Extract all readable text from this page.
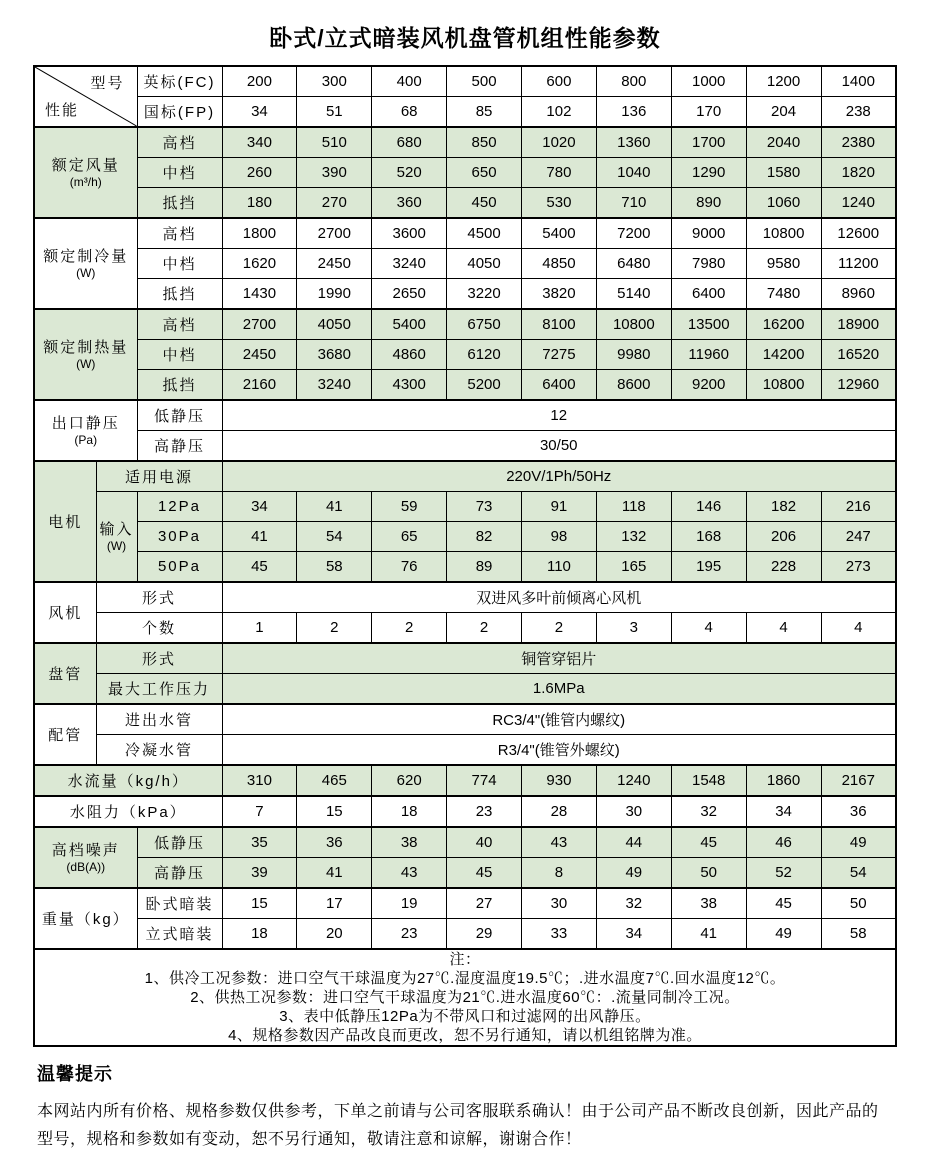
卧式/立式暗装风机盘管机组性能参数
型号
性能		英标(FC)	200	300	400	500	600	800	1000	1200	1400
		国标(FP)	34	51	68	85	102	136	170	204	238

额定风量
(m³/h)		高档	340	510	680	850	1020	1360	1700	2040	2380
		中档	260	390	520	650	780	1040	1290	1580	1820
		抵挡	180	270	360	450	530	710	890	1060	1240

额定制冷量
(W)		高档	1800	2700	3600	4500	5400	7200	9000	10800	12600
		中档	1620	2450	3240	4050	4850	6480	7980	9580	11200
		抵挡	1430	1990	2650	3220	3820	5140	6400	7480	8960

额定制热量
(W)		高档	2700	4050	5400	6750	8100	10800	13500	16200	18900
		中档	2450	3680	4860	6120	7275	9980	11960	14200	16520
		抵挡	2160	3240	4300	5200	6400	8600	9200	10800	12960

出口静压
(Pa)		低静压	12								
		高静压	30/50								
电机	适用电源		220V/1Ph/50Hz								

	输入
(W)	12Pa	34	41	59	73	91	118	146	182	216
		30Pa	41	54	65	82	98	132	168	206	247
		50Pa	45	58	76	89	110	165	195	228	273
风机	形式		双进风多叶前倾离心风机								
	个数		1	2	2	2	2	3	4	4	4
盘管	形式		铜管穿铝片								
	最大工作压力		1.6MPa								
配管	进出水管		RC3/4"(锥管内螺纹)								
	冷凝水管		R3/4"(锥管外螺纹)								
水流量（kg/h）			310	465	620	774	930	1240	1548	1860	2167
水阻力（kPa）			7	15	18	23	28	30	32	34	36

高档噪声
(dB(A))		低静压	35	36	38	40	43	44	45	46	49
		高静压	39	41	43	45	8	49	50	52	54
重量（kg）		卧式暗装	15	17	19	27	30	32	38	45	50
		立式暗装	18	20	23	29	33	34	41	49	58

注：
1、供冷工况参数：进口空气干球温度为27℃.湿度温度19.5℃；.进水温度7℃.回水温度12℃。
2、供热工况参数：进口空气干球温度为21℃.进水温度60℃：.流量同制冷工况。
3、表中低静压12Pa为不带风口和过滤网的出风静压。
4、规格参数因产品改良而更改，恕不另行通知，请以机组铭牌为准。											
温馨提示
本网站内所有价格、规格参数仅供参考，下单之前请与公司客服联系确认！由于公司产品不断改良创新，因此产品的型号，规格和参数如有变动，恕不另行通知，敬请注意和谅解，谢谢合作！
